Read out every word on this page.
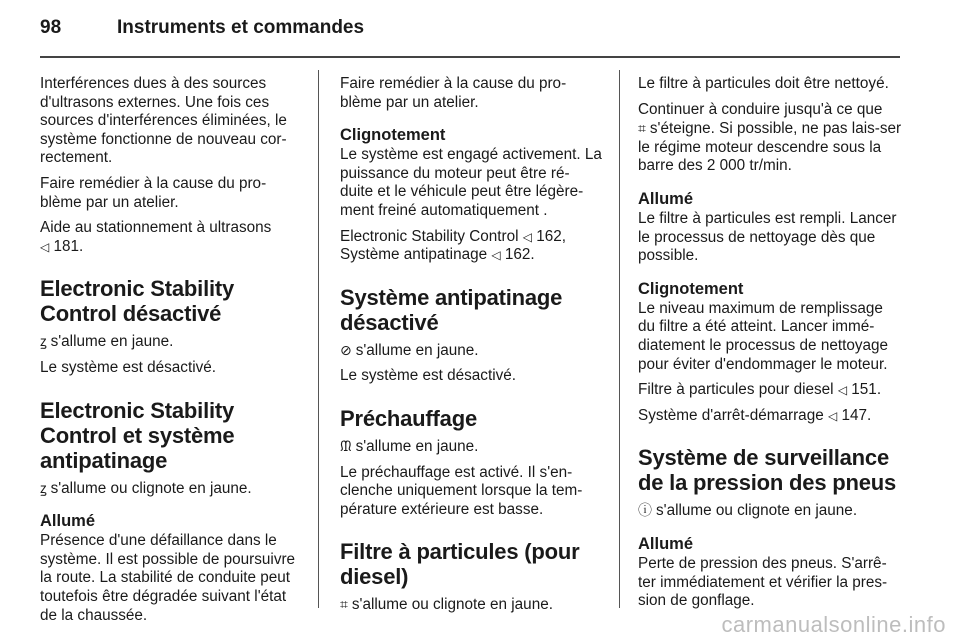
98	Instruments et commandes

Interférences dues à des sources d'ultrasons externes. Une fois ces sources d'interférences éliminées, le système fonctionne de nouveau cor-rectement.

Faire remédier à la cause du pro-blème par un atelier.

Aide au stationnement à ultrasons
◁ 181.

Electronic Stability Control désactivé

ꙁ s'allume en jaune.

Le système est désactivé.

Electronic Stability Control et système antipatinage

ꙁ s'allume ou clignote en jaune.

Allumé

Présence d'une défaillance dans le système. Il est possible de poursuivre la route. La stabilité de conduite peut toutefois être dégradée suivant l'état de la chaussée.

Faire remédier à la cause du pro-blème par un atelier.

Clignotement

Le système est engagé activement. La puissance du moteur peut être ré-duite et le véhicule peut être légère-ment freiné automatiquement .

Electronic Stability Control ◁ 162,
Système antipatinage ◁ 162.

Système antipatinage désactivé

⊘ s'allume en jaune.

Le système est désactivé.

Préchauffage

ᙢ s'allume en jaune.

Le préchauffage est activé. Il s'en-clenche uniquement lorsque la tem-pérature extérieure est basse.

Filtre à particules (pour diesel)

⌗ s'allume ou clignote en jaune.

Le filtre à particules doit être nettoyé.

Continuer à conduire jusqu'à ce que
⌗ s'éteigne. Si possible, ne pas lais-ser le régime moteur descendre sous la barre des 2 000 tr/min.

Allumé

Le filtre à particules est rempli. Lancer le processus de nettoyage dès que possible.

Clignotement

Le niveau maximum de remplissage du filtre a été atteint. Lancer immé-diatement le processus de nettoyage pour éviter d'endommager le moteur.

Filtre à particules pour diesel ◁ 151.

Système d'arrêt-démarrage ◁ 147.

Système de surveillance de la pression des pneus

ⓘ s'allume ou clignote en jaune.

Allumé

Perte de pression des pneus. S'arrê-ter immédiatement et vérifier la pres-sion de gonflage.

carmanualsonline.info
